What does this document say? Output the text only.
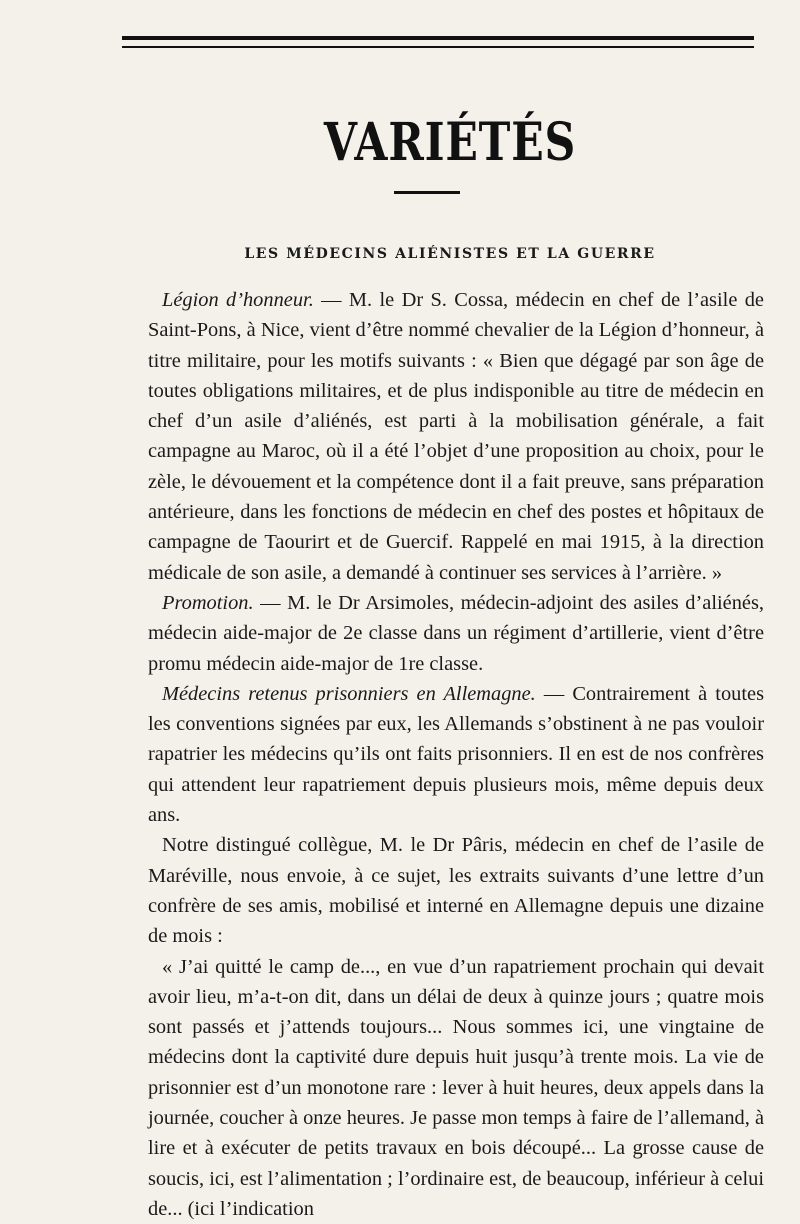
VARIÉTÉS
LES MÉDECINS ALIÉNISTES ET LA GUERRE

Légion d’honneur. — M. le Dr S. Cossa, médecin en chef de l’asile de Saint-Pons, à Nice, vient d’être nommé chevalier de la Légion d’honneur, à titre militaire, pour les motifs suivants : « Bien que dégagé par son âge de toutes obligations militaires, et de plus indisponible au titre de médecin en chef d’un asile d’aliénés, est parti à la mobilisation générale, a fait campagne au Maroc, où il a été l’objet d’une proposition au choix, pour le zèle, le dévouement et la compétence dont il a fait preuve, sans préparation antérieure, dans les fonctions de médecin en chef des postes et hôpitaux de campagne de Taourirt et de Guercif. Rappelé en mai 1915, à la direction médicale de son asile, a demandé à continuer ses services à l’arrière. »

Promotion. — M. le Dr Arsimoles, médecin-adjoint des asiles d’aliénés, médecin aide-major de 2e classe dans un régiment d’artillerie, vient d’être promu médecin aide-major de 1re classe.

Médecins retenus prisonniers en Allemagne. — Contrairement à toutes les conventions signées par eux, les Allemands s’obstinent à ne pas vouloir rapatrier les médecins qu’ils ont faits prisonniers. Il en est de nos confrères qui attendent leur rapatriement depuis plusieurs mois, même depuis deux ans.

Notre distingué collègue, M. le Dr Pâris, médecin en chef de l’asile de Maréville, nous envoie, à ce sujet, les extraits suivants d’une lettre d’un confrère de ses amis, mobilisé et interné en Allemagne depuis une dizaine de mois :

« J’ai quitté le camp de..., en vue d’un rapatriement prochain qui devait avoir lieu, m’a-t-on dit, dans un délai de deux à quinze jours ; quatre mois sont passés et j’attends toujours... Nous sommes ici, une vingtaine de médecins dont la captivité dure depuis huit jusqu’à trente mois. La vie de prisonnier est d’un monotone rare : lever à huit heures, deux appels dans la journée, coucher à onze heures. Je passe mon temps à faire de l’allemand, à lire et à exécuter de petits travaux en bois découpé... La grosse cause de soucis, ici, est l’alimentation ; l’ordinaire est, de beaucoup, inférieur à celui de... (ici l’indication
